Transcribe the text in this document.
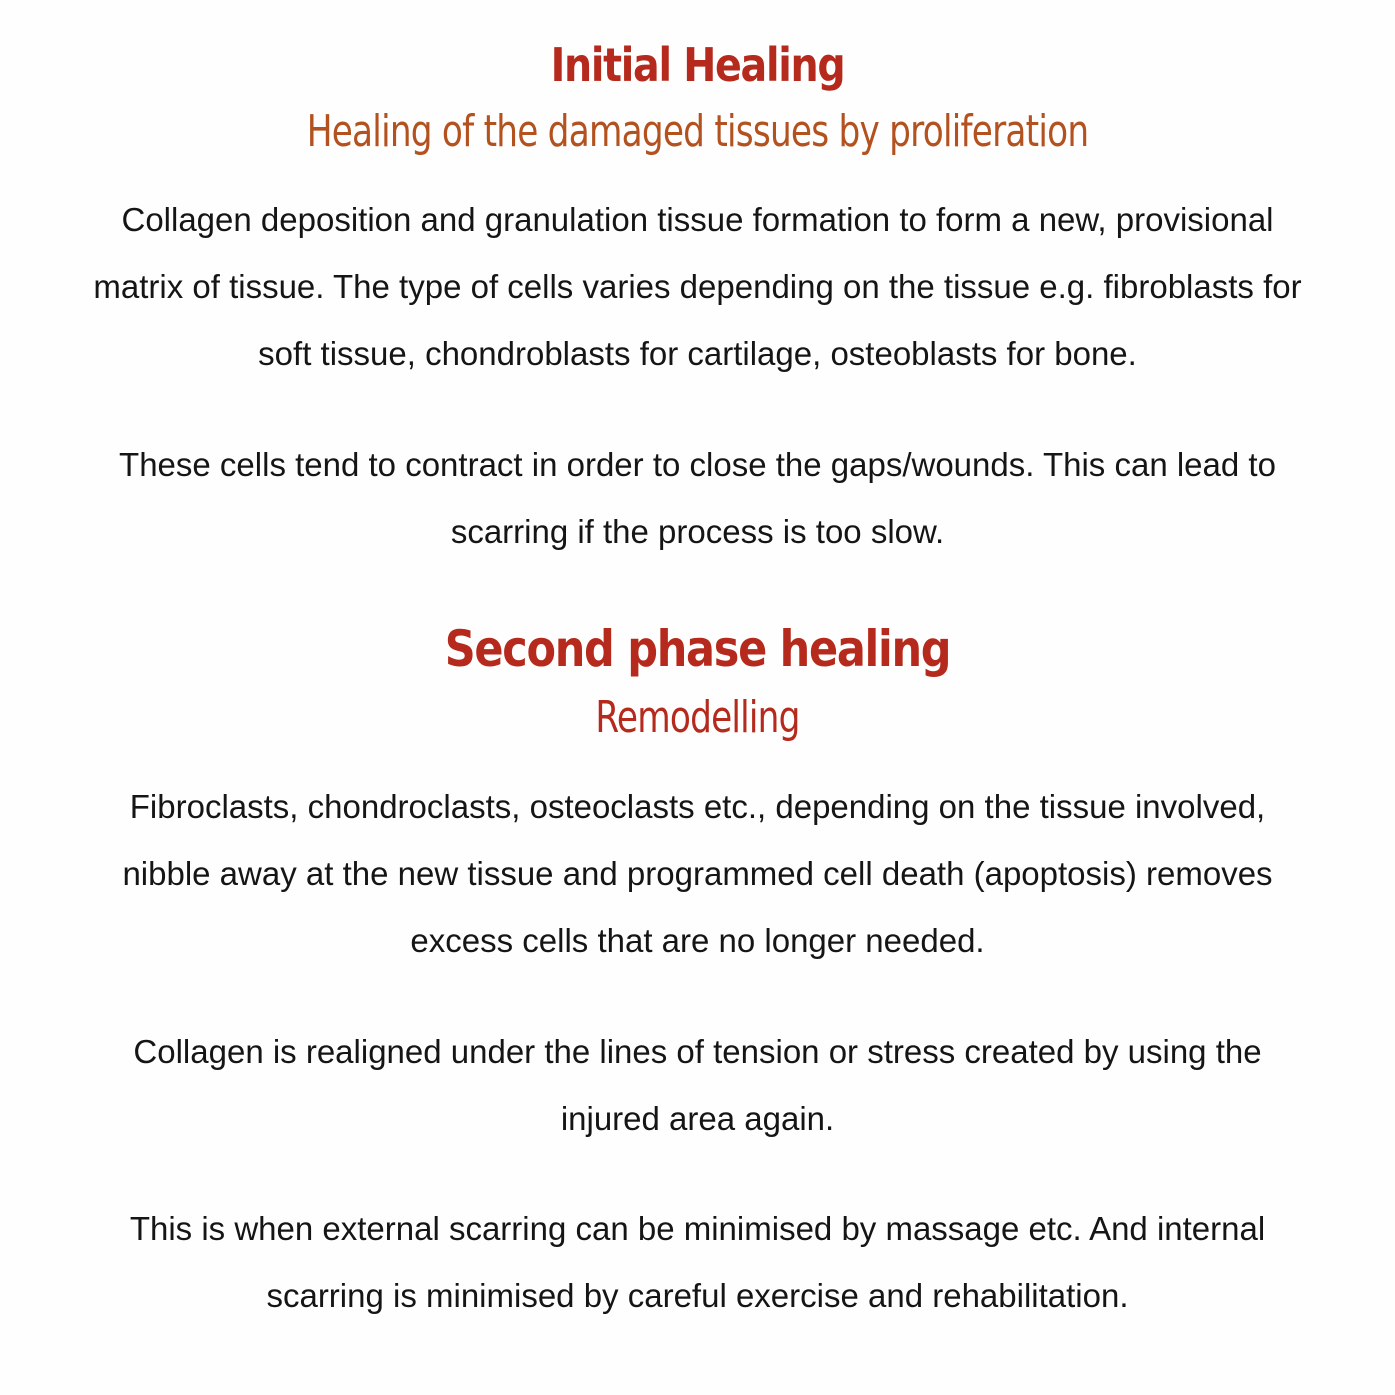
Initial Healing
Healing of the damaged tissues by proliferation

Collagen deposition and granulation tissue formation to form a new, provisional
matrix of tissue. The type of cells varies depending on the tissue e.g. fibroblasts for
soft tissue, chondroblasts for cartilage, osteoblasts for bone.

These cells tend to contract in order to close the gaps/wounds. This can lead to
scarring if the process is too slow.

Second phase healing
Remodelling

Fibroclasts, chondroclasts, osteoclasts etc., depending on the tissue involved,
nibble away at the new tissue and programmed cell death (apoptosis) removes
excess cells that are no longer needed.

Collagen is realigned under the lines of tension or stress created by using the
injured area again.

This is when external scarring can be minimised by massage etc. And internal
scarring is minimised by careful exercise and rehabilitation.
